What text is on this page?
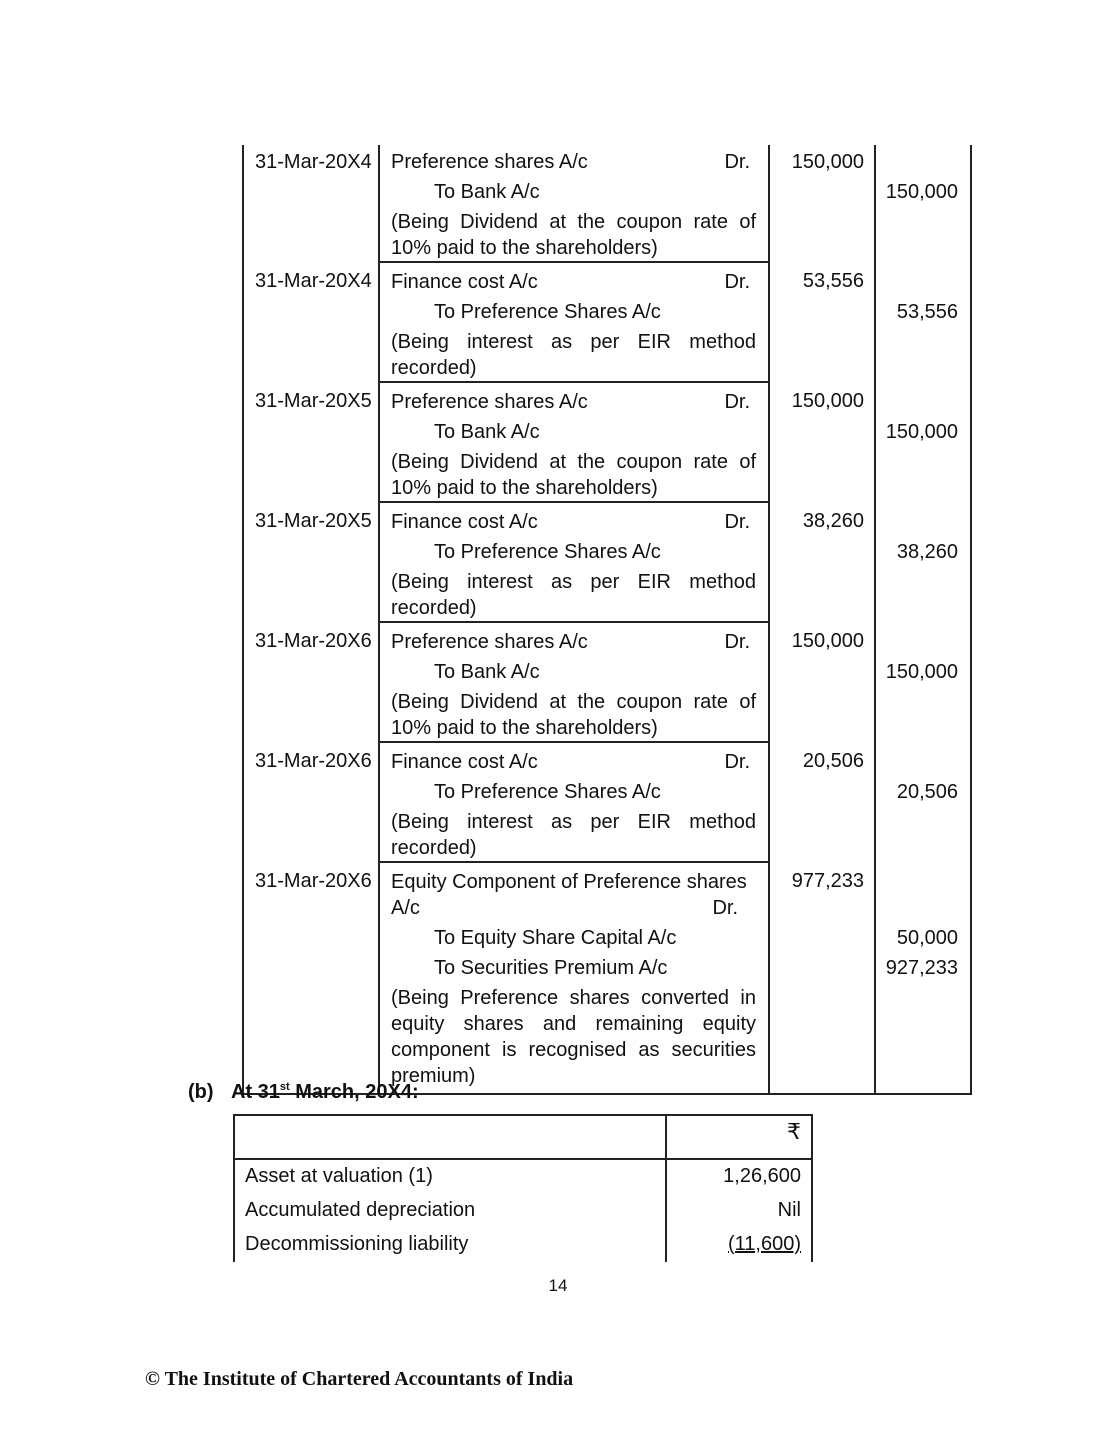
31-Mar-20X4	Preference shares A/c Dr.	150,000	

	To Bank A/c		150,000

	(Being Dividend at the coupon rate of 10% paid to the shareholders)		

31-Mar-20X4	Finance cost A/c Dr.	53,556	

	To Preference Shares A/c		53,556

	(Being interest as per EIR method recorded)		

31-Mar-20X5	Preference shares A/c Dr.	150,000	

	To Bank A/c		150,000

	(Being Dividend at the coupon rate of 10% paid to the shareholders)		

31-Mar-20X5	Finance cost A/c Dr.	38,260	

	To Preference Shares A/c		38,260

	(Being interest as per EIR method recorded)		

31-Mar-20X6	Preference shares A/c Dr.	150,000	

	To Bank A/c		150,000

	(Being Dividend at the coupon rate of 10% paid to the shareholders)		

31-Mar-20X6	Finance cost A/c Dr.	20,506	

	To Preference Shares A/c		20,506

	(Being interest as per EIR method recorded)		

31-Mar-20X6	Equity Component of Preference shares
A/c Dr.	977,233	

	To Equity Share Capital A/c		50,000

	To Securities Premium A/c		927,233

	(Being Preference shares converted in equity shares and remaining equity component is recognised as securities premium)		

(b) At 31st March, 20X4:
	₹
Asset at valuation (1)	1,26,600
Accumulated depreciation	Nil
Decommissioning liability	(11,600)
14
© The Institute of Chartered Accountants of India
